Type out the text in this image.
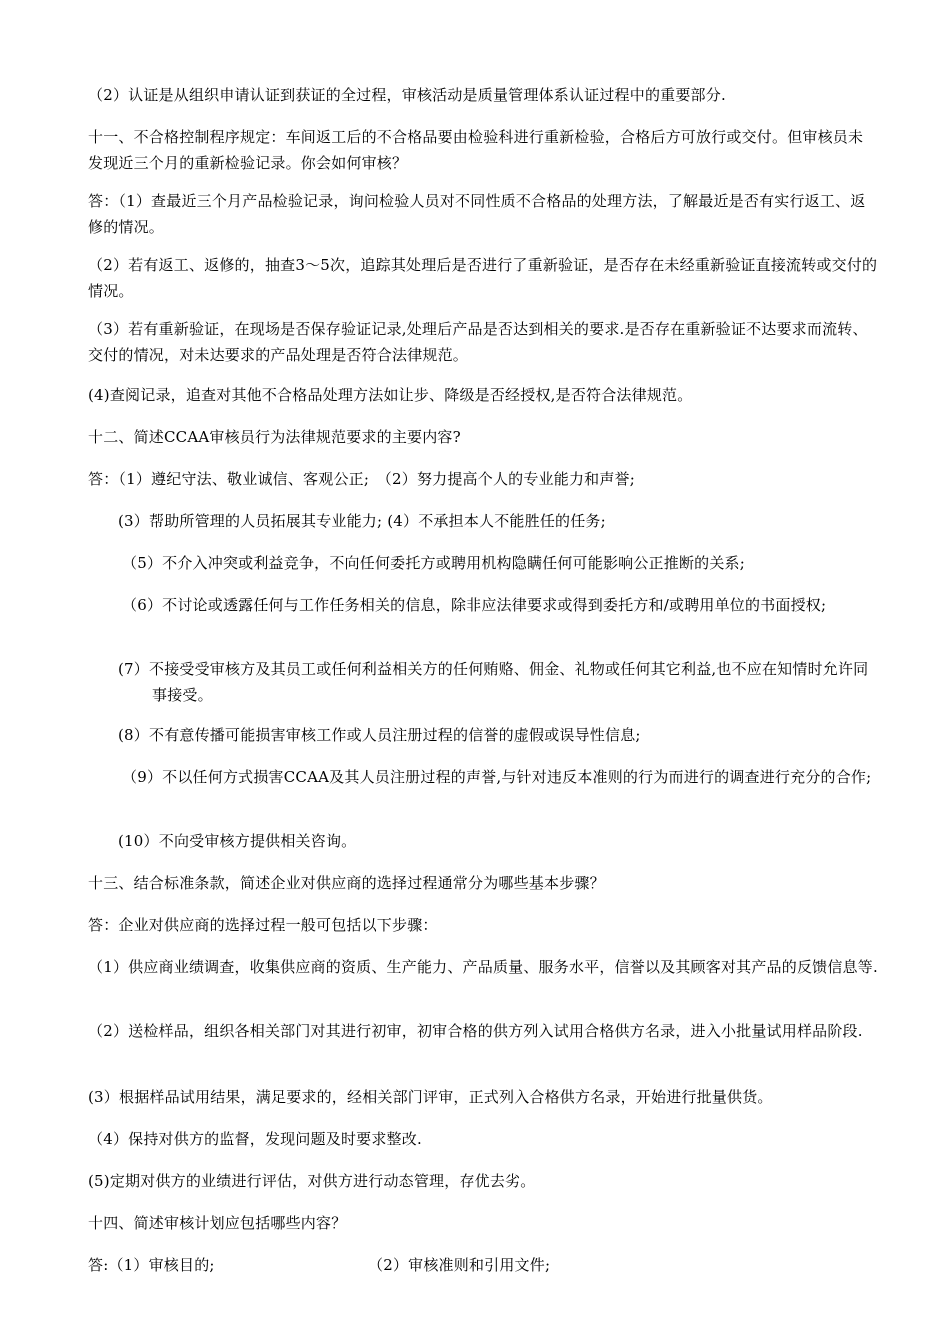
（2）认证是从组织申请认证到获证的全过程，审核活动是质量管理体系认证过程中的重要部分.
十一、不合格控制程序规定：车间返工后的不合格品要由检验科进行重新检验，合格后方可放行或交付。但审核员未发现近三个月的重新检验记录。你会如何审核？
答：（1）查最近三个月产品检验记录，询问检验人员对不同性质不合格品的处理方法，了解最近是否有实行返工、返修的情况。
（2）若有返工、返修的，抽查3～5次，追踪其处理后是否进行了重新验证，是否存在未经重新验证直接流转或交付的情况。
（3）若有重新验证，在现场是否保存验证记录,处理后产品是否达到相关的要求.是否存在重新验证不达要求而流转、交付的情况，对未达要求的产品处理是否符合法律规范。
(4)查阅记录，追查对其他不合格品处理方法如让步、降级是否经授权,是否符合法律规范。
十二、简述CCAA审核员行为法律规范要求的主要内容?
答：（1）遵纪守法、敬业诚信、客观公正;　（2）努力提高个人的专业能力和声誉;
(3）帮助所管理的人员拓展其专业能力; (4）不承担本人不能胜任的任务;
（5）不介入冲突或利益竞争，不向任何委托方或聘用机构隐瞒任何可能影响公正推断的关系;
（6）不讨论或透露任何与工作任务相关的信息，除非应法律要求或得到委托方和/或聘用单位的书面授权;
(7）不接受受审核方及其员工或任何利益相关方的任何贿赂、佣金、礼物或任何其它利益,也不应在知情时允许同事接受。
(8）不有意传播可能损害审核工作或人员注册过程的信誉的虚假或误导性信息;
（9）不以任何方式损害CCAA及其人员注册过程的声誉,与针对违反本准则的行为而进行的调查进行充分的合作;
(10）不向受审核方提供相关咨询。
十三、结合标准条款，简述企业对供应商的选择过程通常分为哪些基本步骤？
答：企业对供应商的选择过程一般可包括以下步骤：
（1）供应商业绩调查，收集供应商的资质、生产能力、产品质量、服务水平，信誉以及其顾客对其产品的反馈信息等.
（2）送检样品，组织各相关部门对其进行初审，初审合格的供方列入试用合格供方名录，进入小批量试用样品阶段.
(3）根据样品试用结果，满足要求的，经相关部门评审，正式列入合格供方名录，开始进行批量供货。
（4）保持对供方的监督，发现问题及时要求整改.
(5)定期对供方的业绩进行评估，对供方进行动态管理，存优去劣。
十四、简述审核计划应包括哪些内容？
答:（1）审核目的;	（2）审核准则和引用文件;
